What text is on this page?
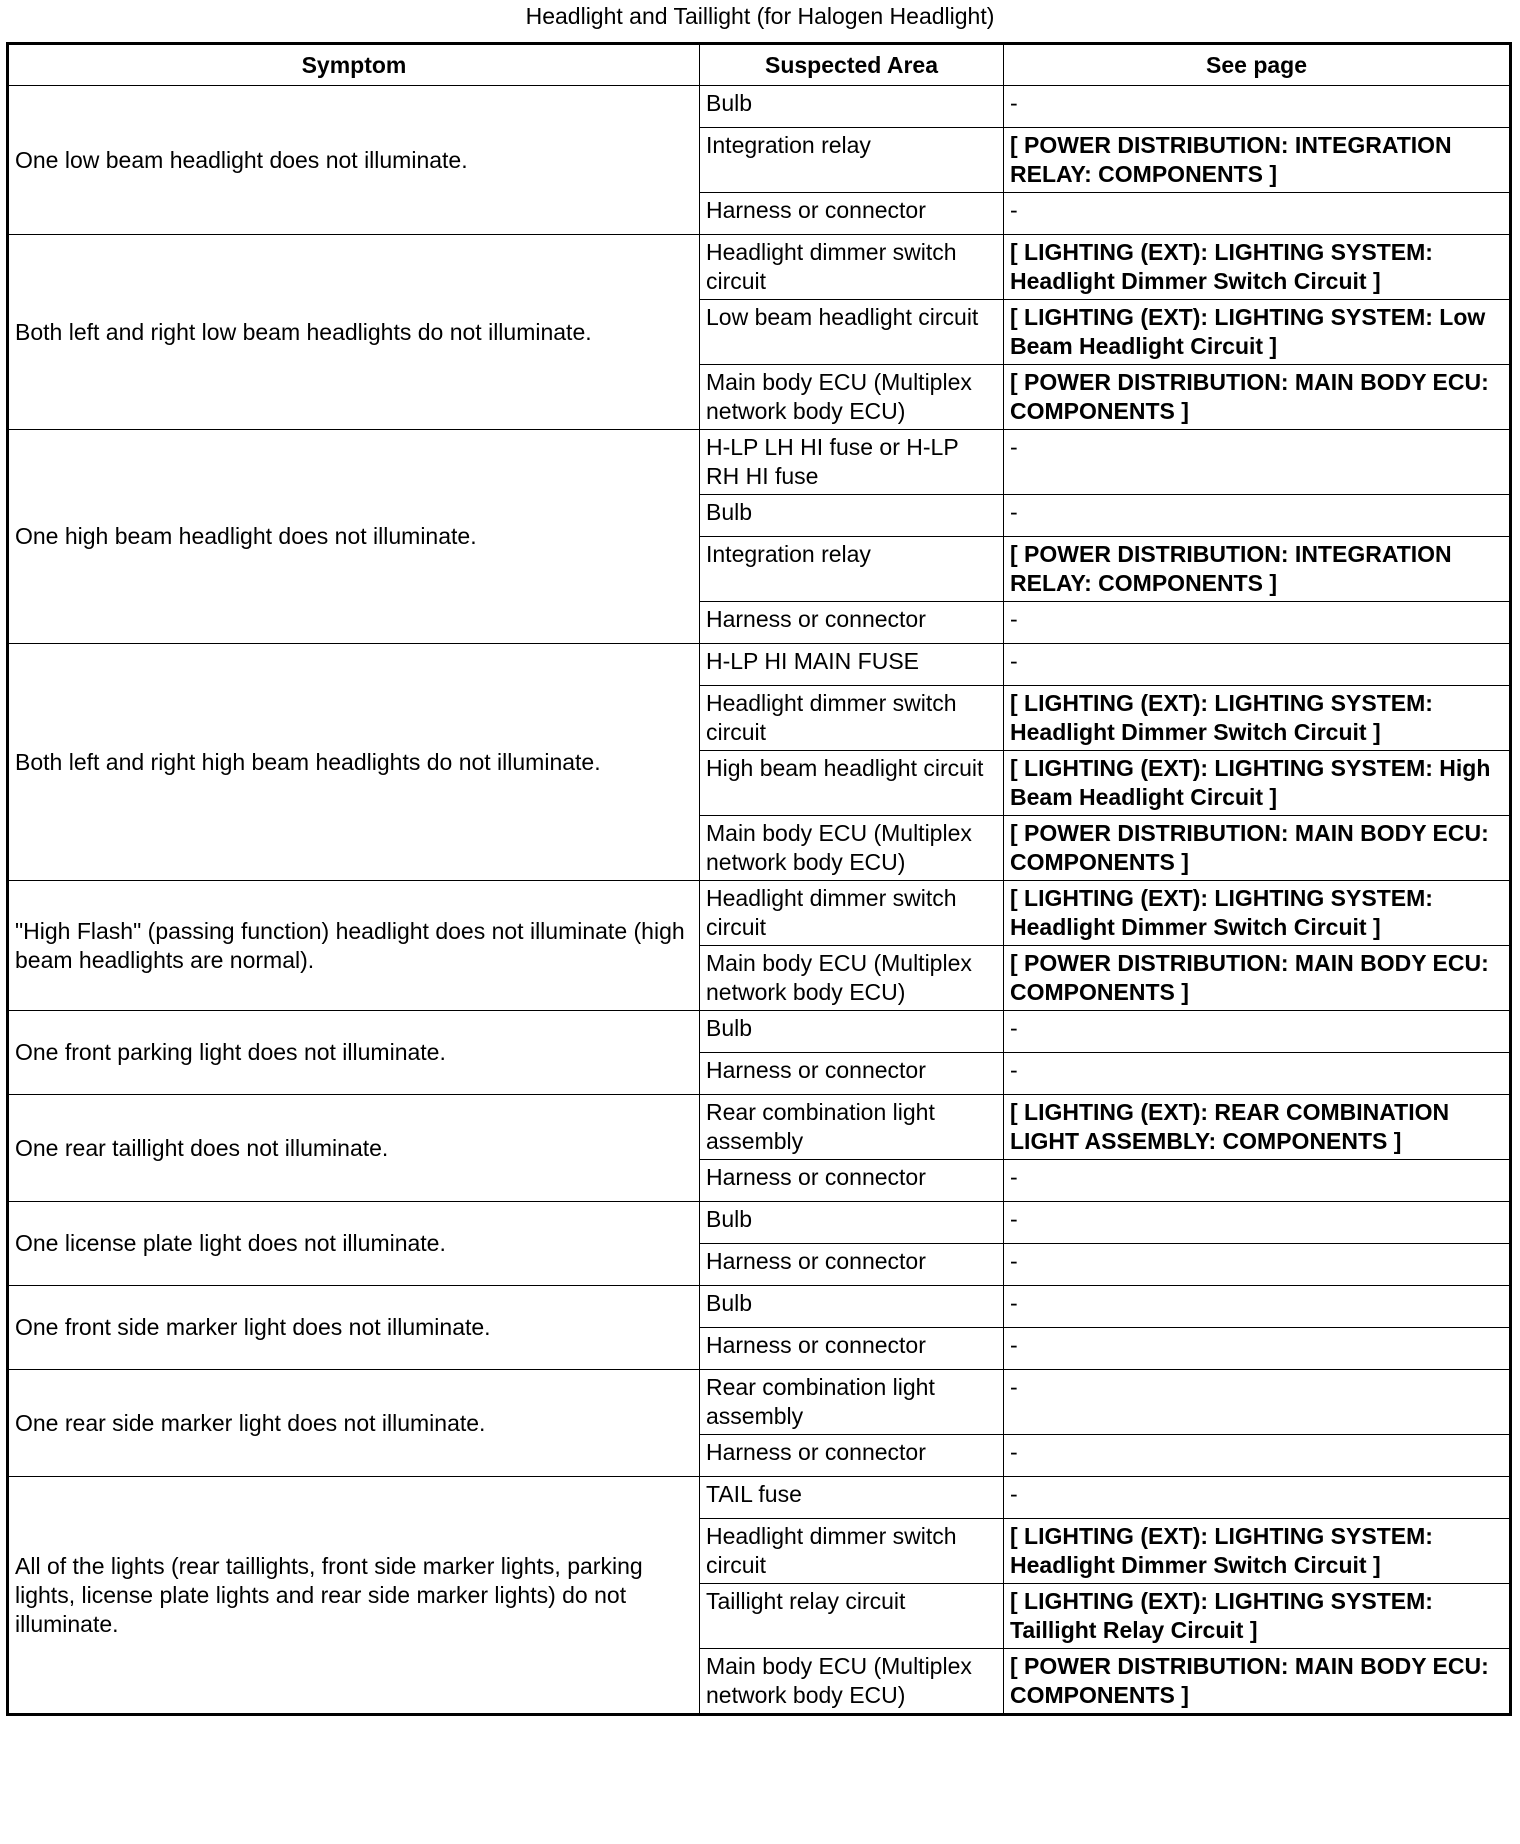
Headlight and Taillight (for Halogen Headlight)
Symptom	Suspected Area	See page
One low beam headlight does not illuminate.	Bulb	-
	Integration relay	[ POWER DISTRIBUTION: INTEGRATION RELAY: COMPONENTS ]
	Harness or connector	-
Both left and right low beam headlights do not illuminate.	Headlight dimmer switch circuit	[ LIGHTING (EXT): LIGHTING SYSTEM: Headlight Dimmer Switch Circuit ]
	Low beam headlight circuit	[ LIGHTING (EXT): LIGHTING SYSTEM: Low Beam Headlight Circuit ]
	Main body ECU (Multiplex network body ECU)	[ POWER DISTRIBUTION: MAIN BODY ECU: COMPONENTS ]
One high beam headlight does not illuminate.	H-LP LH HI fuse or H-LP RH HI fuse	-
	Bulb	-
	Integration relay	[ POWER DISTRIBUTION: INTEGRATION RELAY: COMPONENTS ]
	Harness or connector	-
Both left and right high beam headlights do not illuminate.	H-LP HI MAIN FUSE	-
	Headlight dimmer switch circuit	[ LIGHTING (EXT): LIGHTING SYSTEM: Headlight Dimmer Switch Circuit ]
	High beam headlight circuit	[ LIGHTING (EXT): LIGHTING SYSTEM: High Beam Headlight Circuit ]
	Main body ECU (Multiplex network body ECU)	[ POWER DISTRIBUTION: MAIN BODY ECU: COMPONENTS ]
"High Flash" (passing function) headlight does not illuminate (high beam headlights are normal).	Headlight dimmer switch circuit	[ LIGHTING (EXT): LIGHTING SYSTEM: Headlight Dimmer Switch Circuit ]
	Main body ECU (Multiplex network body ECU)	[ POWER DISTRIBUTION: MAIN BODY ECU: COMPONENTS ]
One front parking light does not illuminate.	Bulb	-
	Harness or connector	-
One rear taillight does not illuminate.	Rear combination light assembly	[ LIGHTING (EXT): REAR COMBINATION LIGHT ASSEMBLY: COMPONENTS ]
	Harness or connector	-
One license plate light does not illuminate.	Bulb	-
	Harness or connector	-
One front side marker light does not illuminate.	Bulb	-
	Harness or connector	-
One rear side marker light does not illuminate.	Rear combination light assembly	-
	Harness or connector	-
All of the lights (rear taillights, front side marker lights, parking lights, license plate lights and rear side marker lights) do not illuminate.	TAIL fuse	-
	Headlight dimmer switch circuit	[ LIGHTING (EXT): LIGHTING SYSTEM: Headlight Dimmer Switch Circuit ]
	Taillight relay circuit	[ LIGHTING (EXT): LIGHTING SYSTEM: Taillight Relay Circuit ]
	Main body ECU (Multiplex network body ECU)	[ POWER DISTRIBUTION: MAIN BODY ECU: COMPONENTS ]
